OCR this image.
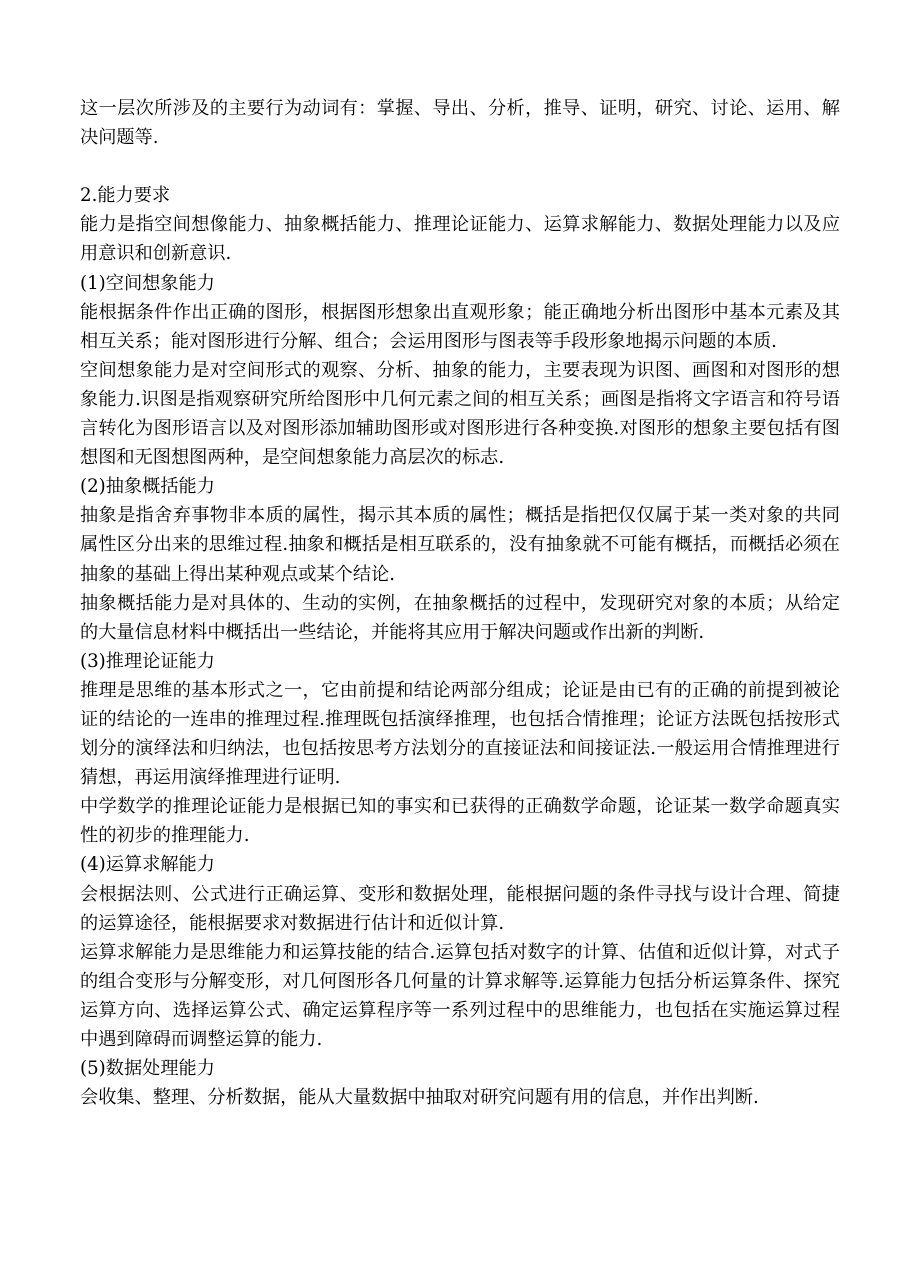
这一层次所涉及的主要行为动词有：掌握、导出、分析，推导、证明，研究、讨论、运用、解决问题等.

2.能力要求

能力是指空间想像能力、抽象概括能力、推理论证能力、运算求解能力、数据处理能力以及应用意识和创新意识.

(1)空间想象能力

能根据条件作出正确的图形，根据图形想象出直观形象；能正确地分析出图形中基本元素及其相互关系；能对图形进行分解、组合；会运用图形与图表等手段形象地揭示问题的本质.

空间想象能力是对空间形式的观察、分析、抽象的能力，主要表现为识图、画图和对图形的想象能力.识图是指观察研究所给图形中几何元素之间的相互关系；画图是指将文字语言和符号语言转化为图形语言以及对图形添加辅助图形或对图形进行各种变换.对图形的想象主要包括有图想图和无图想图两种，是空间想象能力高层次的标志.

(2)抽象概括能力

抽象是指舍弃事物非本质的属性，揭示其本质的属性；概括是指把仅仅属于某一类对象的共同属性区分出来的思维过程.抽象和概括是相互联系的，没有抽象就不可能有概括，而概括必须在抽象的基础上得出某种观点或某个结论.

抽象概括能力是对具体的、生动的实例，在抽象概括的过程中，发现研究对象的本质；从给定的大量信息材料中概括出一些结论，并能将其应用于解决问题或作出新的判断.

(3)推理论证能力

推理是思维的基本形式之一，它由前提和结论两部分组成；论证是由已有的正确的前提到被论证的结论的一连串的推理过程.推理既包括演绎推理，也包括合情推理；论证方法既包括按形式划分的演绎法和归纳法，也包括按思考方法划分的直接证法和间接证法.一般运用合情推理进行猜想，再运用演绎推理进行证明.

中学数学的推理论证能力是根据已知的事实和已获得的正确数学命题，论证某一数学命题真实性的初步的推理能力.

(4)运算求解能力

会根据法则、公式进行正确运算、变形和数据处理，能根据问题的条件寻找与设计合理、简捷的运算途径，能根据要求对数据进行估计和近似计算.

运算求解能力是思维能力和运算技能的结合.运算包括对数字的计算、估值和近似计算，对式子的组合变形与分解变形，对几何图形各几何量的计算求解等.运算能力包括分析运算条件、探究运算方向、选择运算公式、确定运算程序等一系列过程中的思维能力，也包括在实施运算过程中遇到障碍而调整运算的能力.

(5)数据处理能力

会收集、整理、分析数据，能从大量数据中抽取对研究问题有用的信息，并作出判断.
